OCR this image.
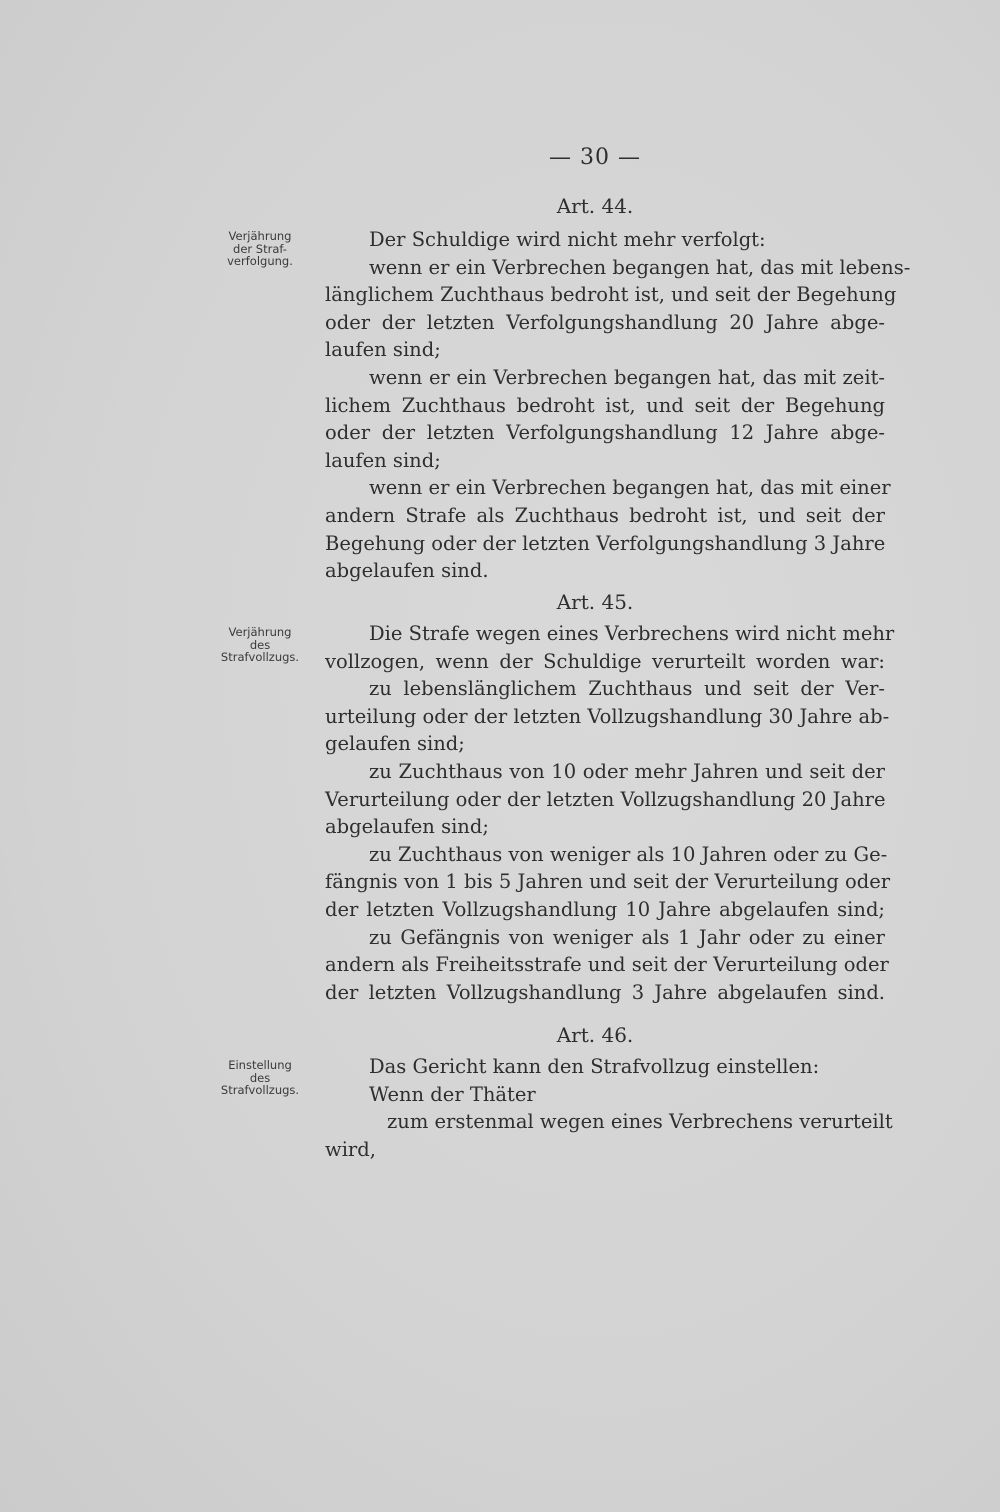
— 30 —
Verjährung
der Straf-
verfolgung.
Verjährung
des
Strafvollzugs.
Einstellung
des
Strafvollzugs.
Art. 44.
Der Schuldige wird nicht mehr verfolgt:
wenn er ein Verbrechen begangen hat, das mit lebens-
länglichem Zuchthaus bedroht ist, und seit der Begehung
oder der letzten Verfolgungshandlung 20 Jahre abge-
laufen sind;
wenn er ein Verbrechen begangen hat, das mit zeit-
lichem Zuchthaus bedroht ist, und seit der Begehung
oder der letzten Verfolgungshandlung 12 Jahre abge-
laufen sind;
wenn er ein Verbrechen begangen hat, das mit einer
andern Strafe als Zuchthaus bedroht ist, und seit der
Begehung oder der letzten Verfolgungshandlung 3 Jahre
abgelaufen sind.
Art. 45.
Die Strafe wegen eines Verbrechens wird nicht mehr
vollzogen, wenn der Schuldige verurteilt worden war:
zu lebenslänglichem Zuchthaus und seit der Ver-
urteilung oder der letzten Vollzugshandlung 30 Jahre ab-
gelaufen sind;
zu Zuchthaus von 10 oder mehr Jahren und seit der
Verurteilung oder der letzten Vollzugshandlung 20 Jahre
abgelaufen sind;
zu Zuchthaus von weniger als 10 Jahren oder zu Ge-
fängnis von 1 bis 5 Jahren und seit der Verurteilung oder
der letzten Vollzugshandlung 10 Jahre abgelaufen sind;
zu Gefängnis von weniger als 1 Jahr oder zu einer
andern als Freiheitsstrafe und seit der Verurteilung oder
der letzten Vollzugshandlung 3 Jahre abgelaufen sind.
Art. 46.
Das Gericht kann den Strafvollzug einstellen:
Wenn der Thäter
zum erstenmal wegen eines Verbrechens verurteilt
wird,
